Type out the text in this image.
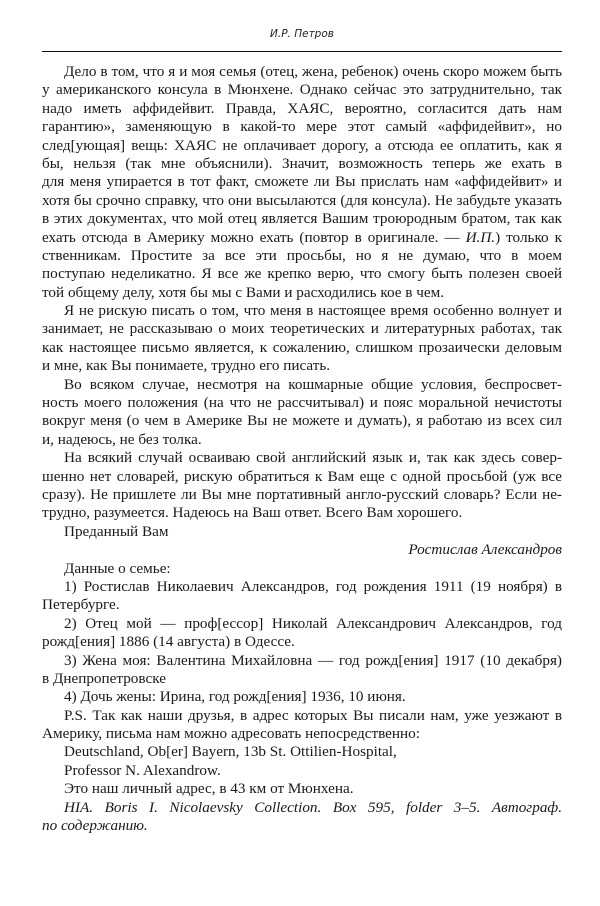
И.Р. Петров
Дело в том, что я и моя семья (отец, жена, ребенок) очень скоро можем быть
у американского консула в Мюнхене. Однако сейчас это затруднительно, так
надо иметь аффидейвит. Правда, ХАЯС, вероятно, согласится дать нам
гарантию», заменяющую в какой-то мере этот самый «аффидейвит», но
след[ующая] вещь: ХАЯС не оплачивает дорогу, а отсюда ее оплатить, как я
бы, нельзя (так мне объяснили). Значит, возможность теперь же ехать в
для меня упирается в тот факт, сможете ли Вы прислать нам «аффидейвит» и
хотя бы срочно справку, что они высылаются (для консула). Не забудьте указать
в этих документах, что мой отец является Вашим троюродным братом, так как
ехать отсюда в Америку можно ехать (повтор в оригинале. — И.П.) только к
ственникам. Простите за все эти просьбы, но я не думаю, что в моем
поступаю неделикатно. Я все же крепко верю, что смогу быть полезен своей
той общему делу, хотя бы мы с Вами и расходились кое в чем.
Я не рискую писать о том, что меня в настоящее время особенно волнует и
занимает, не рассказываю о моих теоретических и литературных работах, так
как настоящее письмо является, к сожалению, слишком прозаически деловым
и мне, как Вы понимаете, трудно его писать.
Во всяком случае, несмотря на кошмарные общие условия, беспросвет-
ность моего положения (на что не рассчитывал) и пояс моральной нечистоты
вокруг меня (о чем в Америке Вы не можете и думать), я работаю из всех сил
и, надеюсь, не без толка.
На всякий случай осваиваю свой английский язык и, так как здесь совер-
шенно нет словарей, рискую обратиться к Вам еще с одной просьбой (уж все
сразу). Не пришлете ли Вы мне портативный англо-русский словарь? Если не-
трудно, разумеется. Надеюсь на Ваш ответ. Всего Вам хорошего.
Преданный Вам
Ростислав Александров
Данные о семье:
1) Ростислав Николаевич Александров, год рождения 1911 (19 ноября) в
Петербурге.
2) Отец мой — проф[ессор] Николай Александрович Александров, год
рожд[ения] 1886 (14 августа) в Одессе.
3) Жена моя: Валентина Михайловна — год рожд[ения] 1917 (10 декабря)
в Днепропетровске
4) Дочь жены: Ирина, год рожд[ения] 1936, 10 июня.
P.S. Так как наши друзья, в адрес которых Вы писали нам, уже уезжают в
Америку, письма нам можно адресовать непосредственно:
Deutschland, Ob[er] Bayern, 13b St. Ottilien-Hospital,
Professor N. Alexandrow.
Это наш личный адрес, в 43 км от Мюнхена.
HIA. Boris I. Nicolaevsky Collection. Box 595, folder 3–5. Автограф.
по содержанию.
